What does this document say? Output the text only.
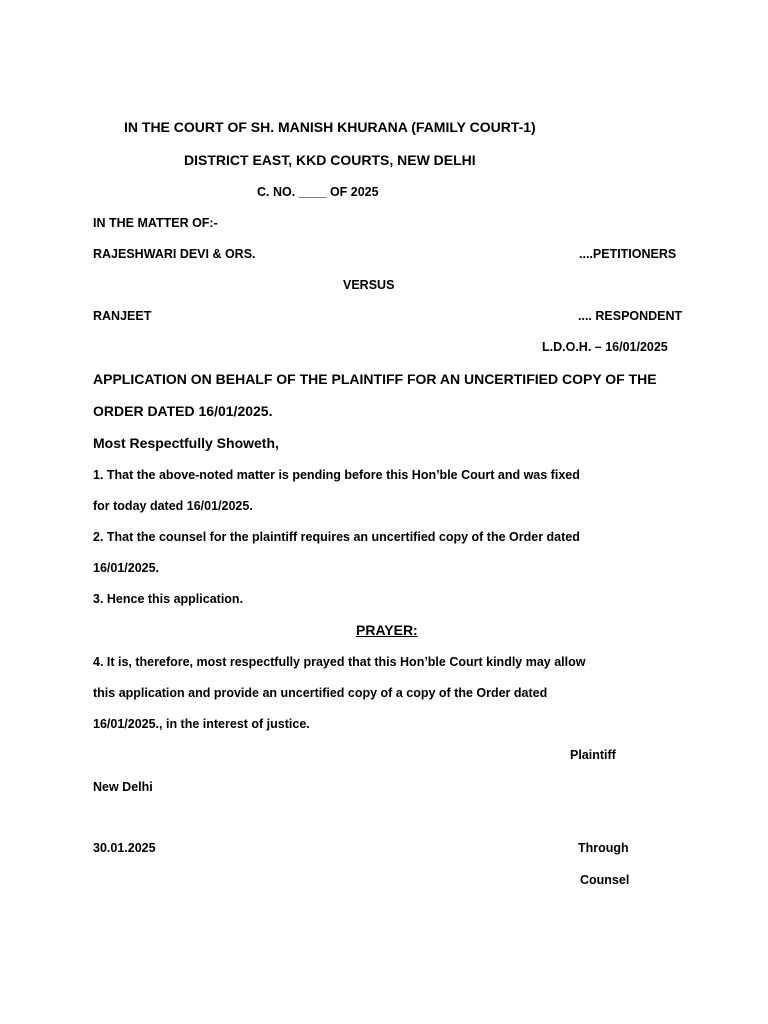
IN THE COURT OF SH. MANISH KHURANA (FAMILY COURT-1)
DISTRICT EAST, KKD COURTS, NEW DELHI
C. NO. ____ OF 2025
IN THE MATTER OF:-
RAJESHWARI DEVI & ORS.	....PETITIONERS
VERSUS
RANJEET	.... RESPONDENT
L.D.O.H. – 16/01/2025
APPLICATION ON BEHALF OF THE PLAINTIFF FOR AN UNCERTIFIED COPY OF THE
ORDER DATED 16/01/2025.
Most Respectfully Showeth,
1. That the above-noted matter is pending before this Hon’ble Court and was fixed
for today dated 16/01/2025.
2. That the counsel for the plaintiff requires an uncertified copy of the Order dated
16/01/2025.
3. Hence this application.
PRAYER:
4. It is, therefore, most respectfully prayed that this Hon’ble Court kindly may allow
this application and provide an uncertified copy of a copy of the Order dated
16/01/2025., in the interest of justice.
Plaintiff
New Delhi
30.01.2025	Through
Counsel
